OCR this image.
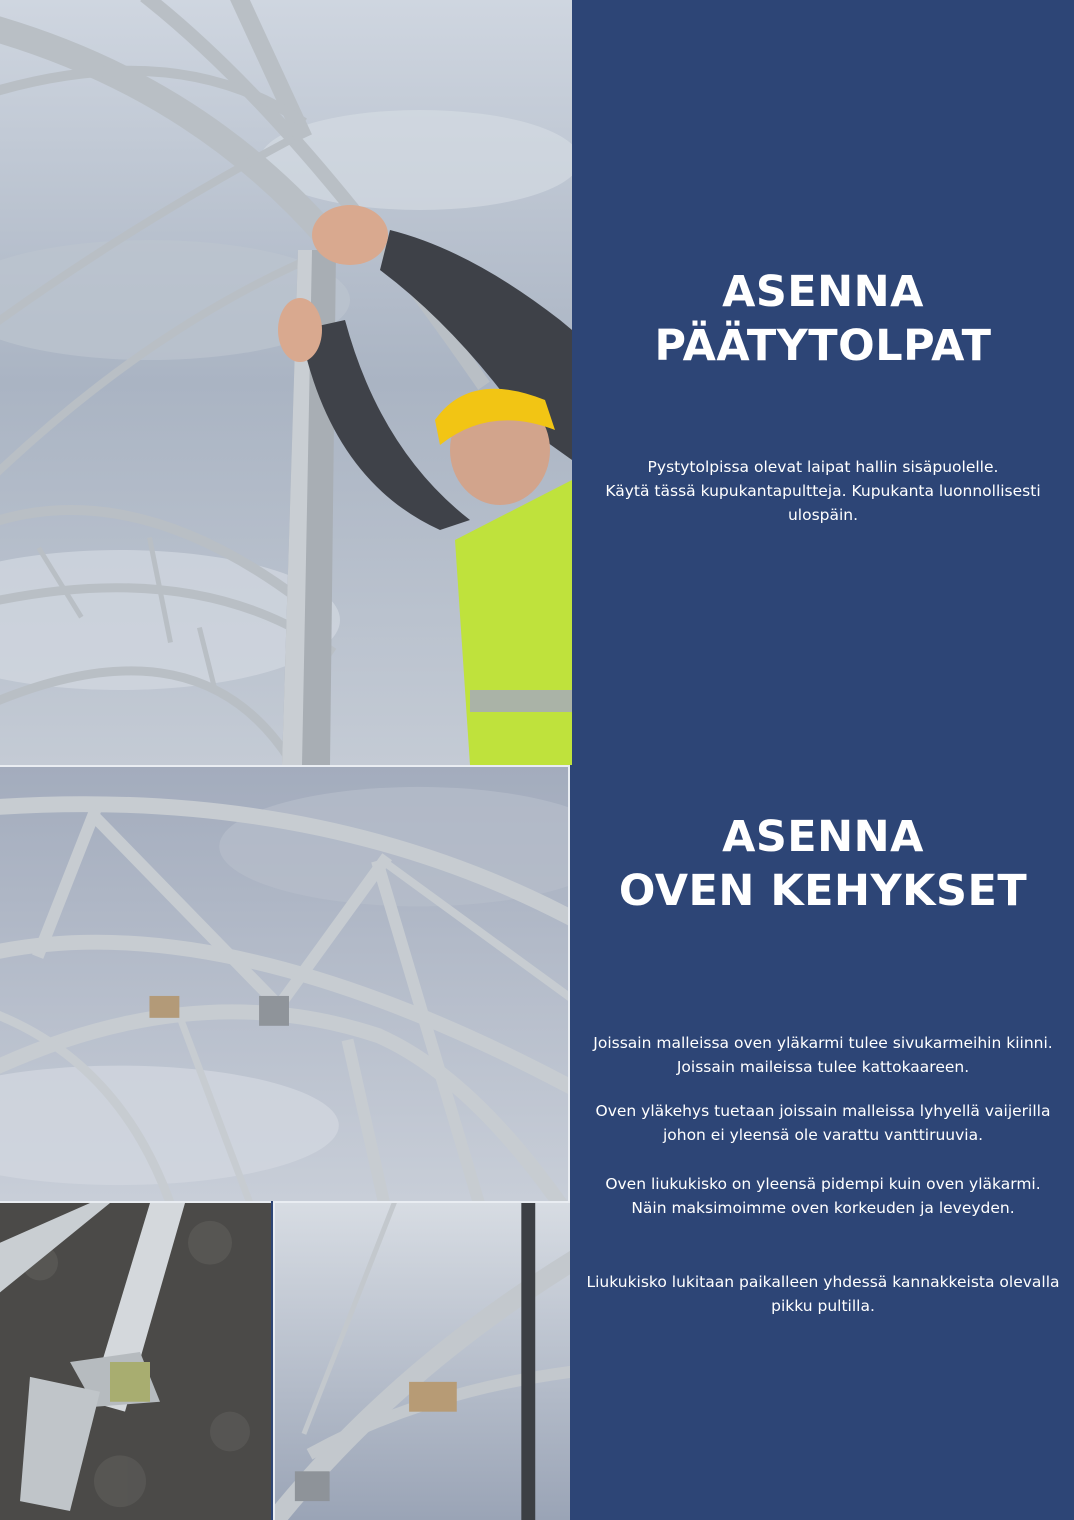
ASENNA
PÄÄTYTOLPAT

Pystytolpissa olevat laipat hallin sisäpuolelle.
Käytä tässä kupukantapultteja. Kupukanta luonnollisesti
ulospäin.

ASENNA
OVEN KEHYKSET

Joissain malleissa oven yläkarmi tulee sivukarmeihin kiinni.
Joissain maileissa tulee kattokaareen.

Oven yläkehys tuetaan joissain malleissa lyhyellä vaijerilla
johon ei yleensä ole varattu vanttiruuvia.

Oven liukukisko on yleensä pidempi kuin oven yläkarmi.
Näin maksimoimme oven korkeuden ja leveyden.

Liukukisko lukitaan paikalleen yhdessä kannakkeista olevalla
pikku pultilla.
